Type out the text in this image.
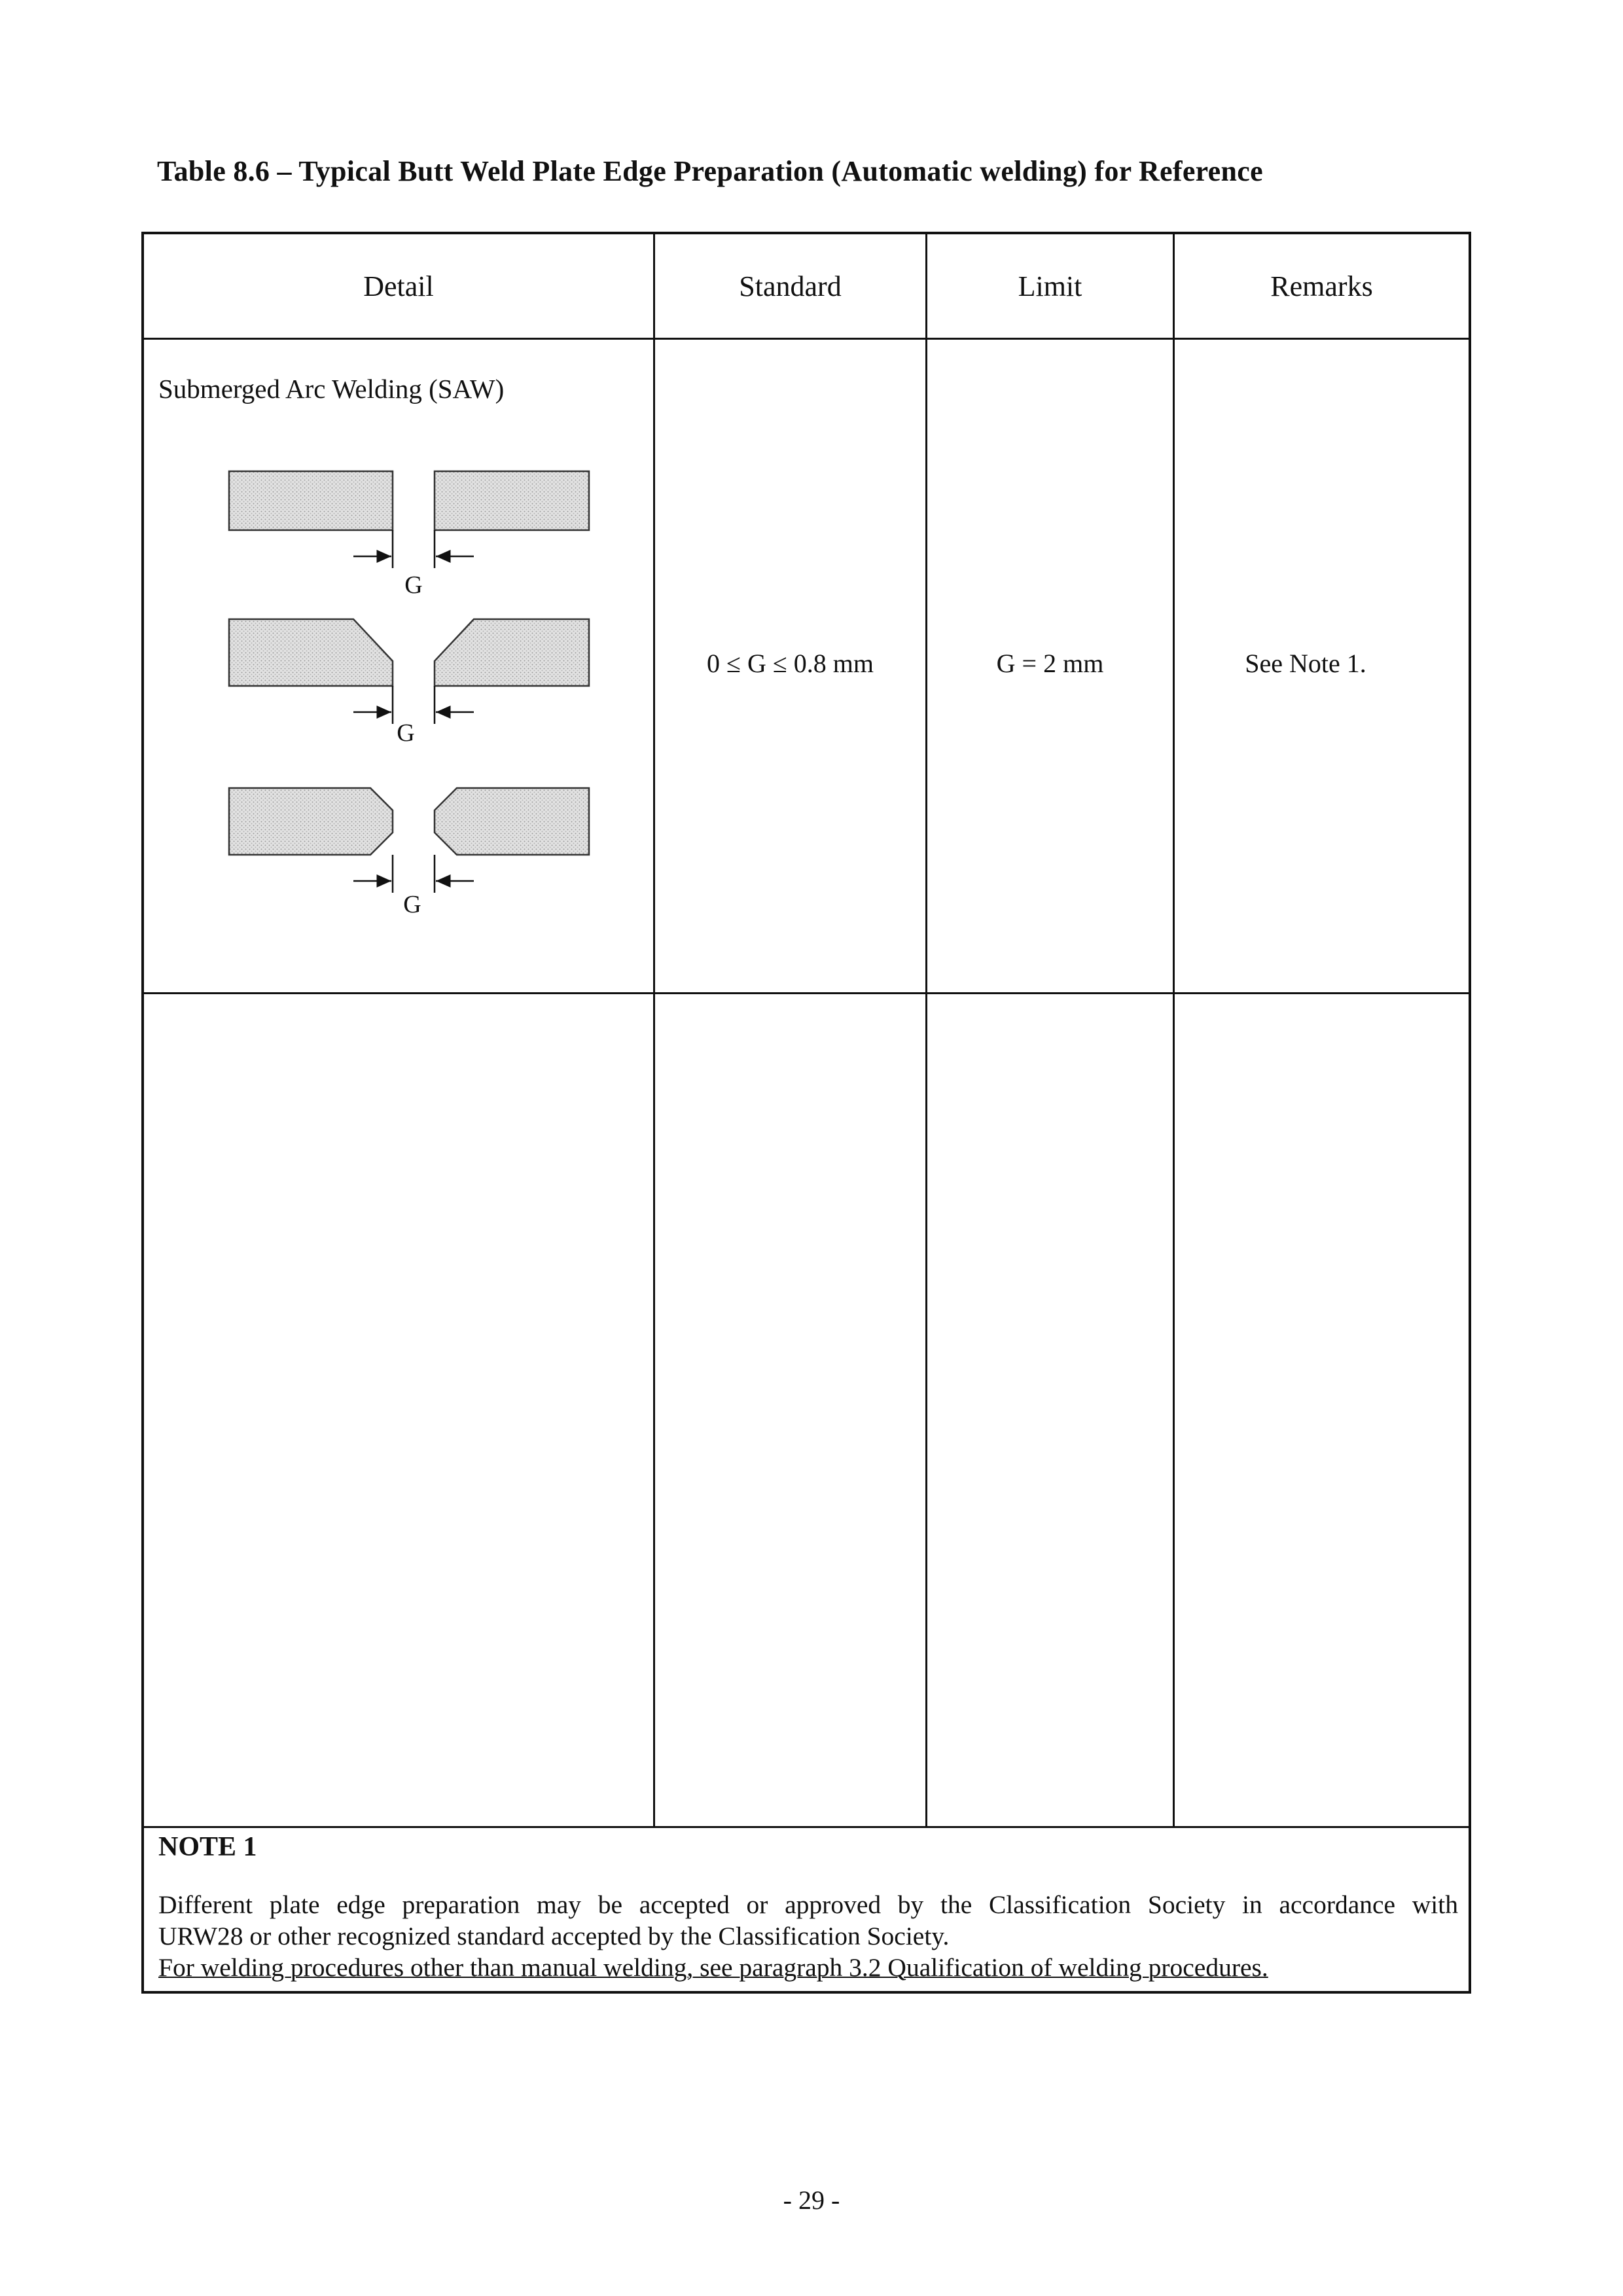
Table 8.6 – Typical Butt Weld Plate Edge Preparation (Automatic welding) for Reference
Detail	Standard	Limit	Remarks
Submerged Arc Welding (SAW)
G
G
G
0 ≤ G ≤ 0.8 mm	G = 2 mm	See Note 1.
NOTE 1

Different plate edge preparation may be accepted or approved by the Classification Society in accordance with

URW28 or other recognized standard accepted by the Classification Society.

For welding procedures other than manual welding, see paragraph 3.2 Qualification of welding procedures.

- 29 -
